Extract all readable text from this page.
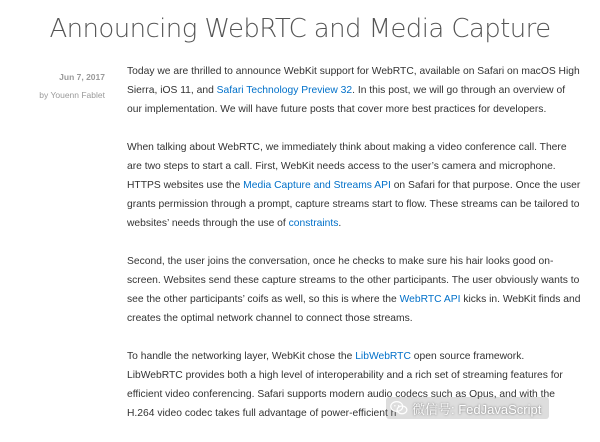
Announcing WebRTC and Media Capture
Jun 7, 2017
by Youenn Fablet

Today we are thrilled to announce WebKit support for WebRTC, available on Safari on macOS High Sierra, iOS 11, and Safari Technology Preview 32. In this post, we will go through an overview of our implementation. We will have future posts that cover more best practices for developers.

When talking about WebRTC, we immediately think about making a video conference call. There are two steps to start a call. First, WebKit needs access to the user’s camera and microphone. HTTPS websites use the Media Capture and Streams API on Safari for that purpose. Once the user grants permission through a prompt, capture streams start to flow. These streams can be tailored to websites’ needs through the use of constraints.

Second, the user joins the conversation, once he checks to make sure his hair looks good on-screen. Websites send these capture streams to the other participants. The user obviously wants to see the other participants’ coifs as well, so this is where the WebRTC API kicks in. WebKit finds and creates the optimal network channel to connect those streams.

To handle the networking layer, WebKit chose the LibWebRTC open source framework. LibWebRTC provides both a high level of interoperability and a rich set of streaming features for efficient video conferencing. Safari supports modern audio codecs such as Opus, and with the H.264 video codec takes full advantage of power-efficient h	微信号: FedJavaScript
